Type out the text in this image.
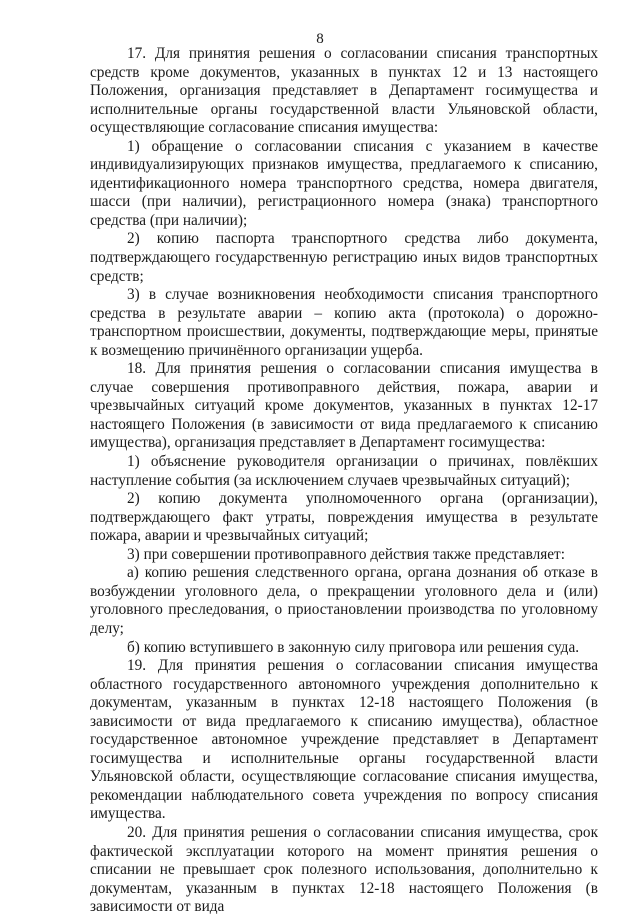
8

17. Для принятия решения о согласовании списания транспортных средств кроме документов, указанных в пунктах 12 и 13 настоящего Положения, организация представляет в Департамент госимущества и исполнительные органы государственной власти Ульяновской области, осуществляющие согласование списания имущества:

1) обращение о согласовании списания с указанием в качестве индивидуализирующих признаков имущества, предлагаемого к списанию, идентификационного номера транспортного средства, номера двигателя, шасси (при наличии), регистрационного номера (знака) транспортного средства (при наличии);

2) копию паспорта транспортного средства либо документа, подтверждающего государственную регистрацию иных видов транспортных средств;

3) в случае возникновения необходимости списания транспортного средства в результате аварии – копию акта (протокола) о дорожно-транспортном происшествии, документы, подтверждающие меры, принятые к возмещению причинённого организации ущерба.

18. Для принятия решения о согласовании списания имущества в случае совершения противоправного действия, пожара, аварии и чрезвычайных ситуаций кроме документов, указанных в пунктах 12-17 настоящего Положения (в зависимости от вида предлагаемого к списанию имущества), организация представляет в Департамент госимущества:

1) объяснение руководителя организации о причинах, повлёкших наступление события (за исключением случаев чрезвычайных ситуаций);

2) копию документа уполномоченного органа (организации), подтверждающего факт утраты, повреждения имущества в результате пожара, аварии и чрезвычайных ситуаций;

3) при совершении противоправного действия также представляет:

а) копию решения следственного органа, органа дознания об отказе в возбуждении уголовного дела, о прекращении уголовного дела и (или) уголовного преследования, о приостановлении производства по уголовному делу;

б) копию вступившего в законную силу приговора или решения суда.

19. Для принятия решения о согласовании списания имущества областного государственного автономного учреждения дополнительно к документам, указанным в пунктах 12-18 настоящего Положения (в зависимости от вида предлагаемого к списанию имущества), областное государственное автономное учреждение представляет в Департамент госимущества и исполнительные органы государственной власти Ульяновской области, осуществляющие согласование списания имущества, рекомендации наблюдательного совета учреждения по вопросу списания имущества.

20. Для принятия решения о согласовании списания имущества, срок фактической эксплуатации которого на момент принятия решения о списании не превышает срок полезного использования, дополнительно к документам, указанным в пунктах 12-18 настоящего Положения (в зависимости от вида
